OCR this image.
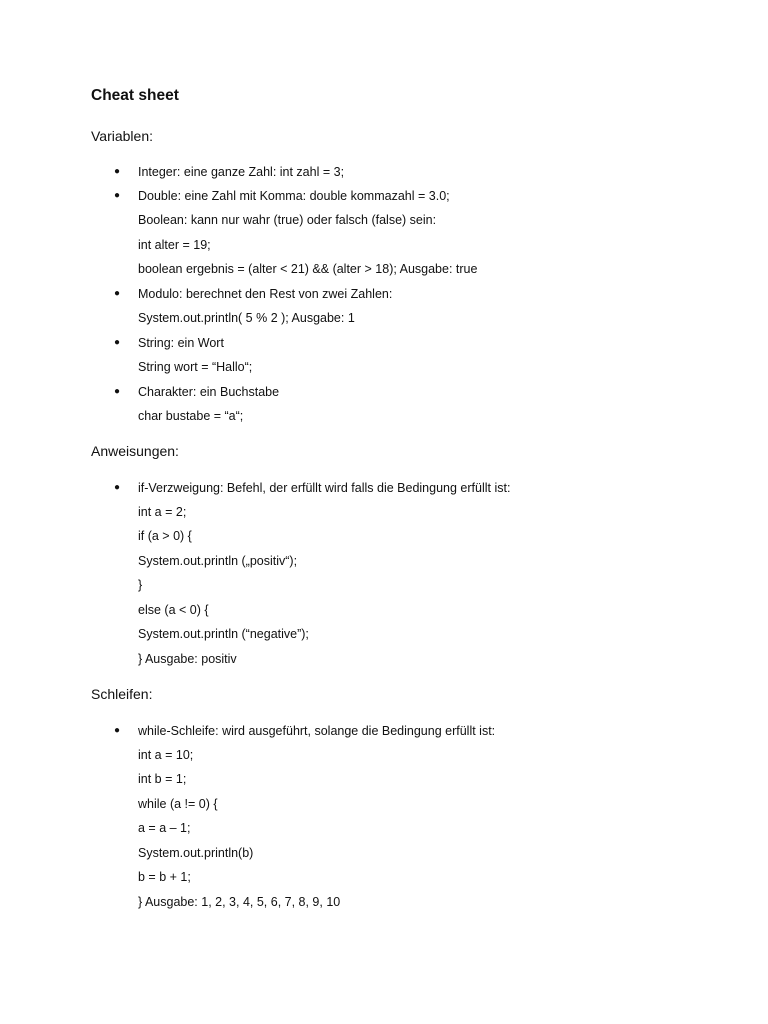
Cheat sheet
Variablen:
● Integer: eine ganze Zahl: int zahl = 3;
● Double: eine Zahl mit Komma: double kommazahl = 3.0;
Boolean: kann nur wahr (true) oder falsch (false) sein:
int alter = 19;
boolean ergebnis = (alter < 21) && (alter > 18); Ausgabe: true
● Modulo: berechnet den Rest von zwei Zahlen:
System.out.println( 5 % 2 ); Ausgabe: 1
● String: ein Wort
String wort = “Hallo“;
● Charakter: ein Buchstabe
char bustabe = “a“;
Anweisungen:
● if-Verzweigung: Befehl, der erfüllt wird falls die Bedingung erfüllt ist:
int a = 2;
if (a > 0) {
System.out.println („positiv“);
}
else (a < 0) {
System.out.println (“negative”);
} Ausgabe: positiv
Schleifen:
● while-Schleife: wird ausgeführt, solange die Bedingung erfüllt ist:
int a = 10;
int b = 1;
while (a != 0) {
a = a – 1;
System.out.println(b)
b = b + 1;
} Ausgabe: 1, 2, 3, 4, 5, 6, 7, 8, 9, 10
